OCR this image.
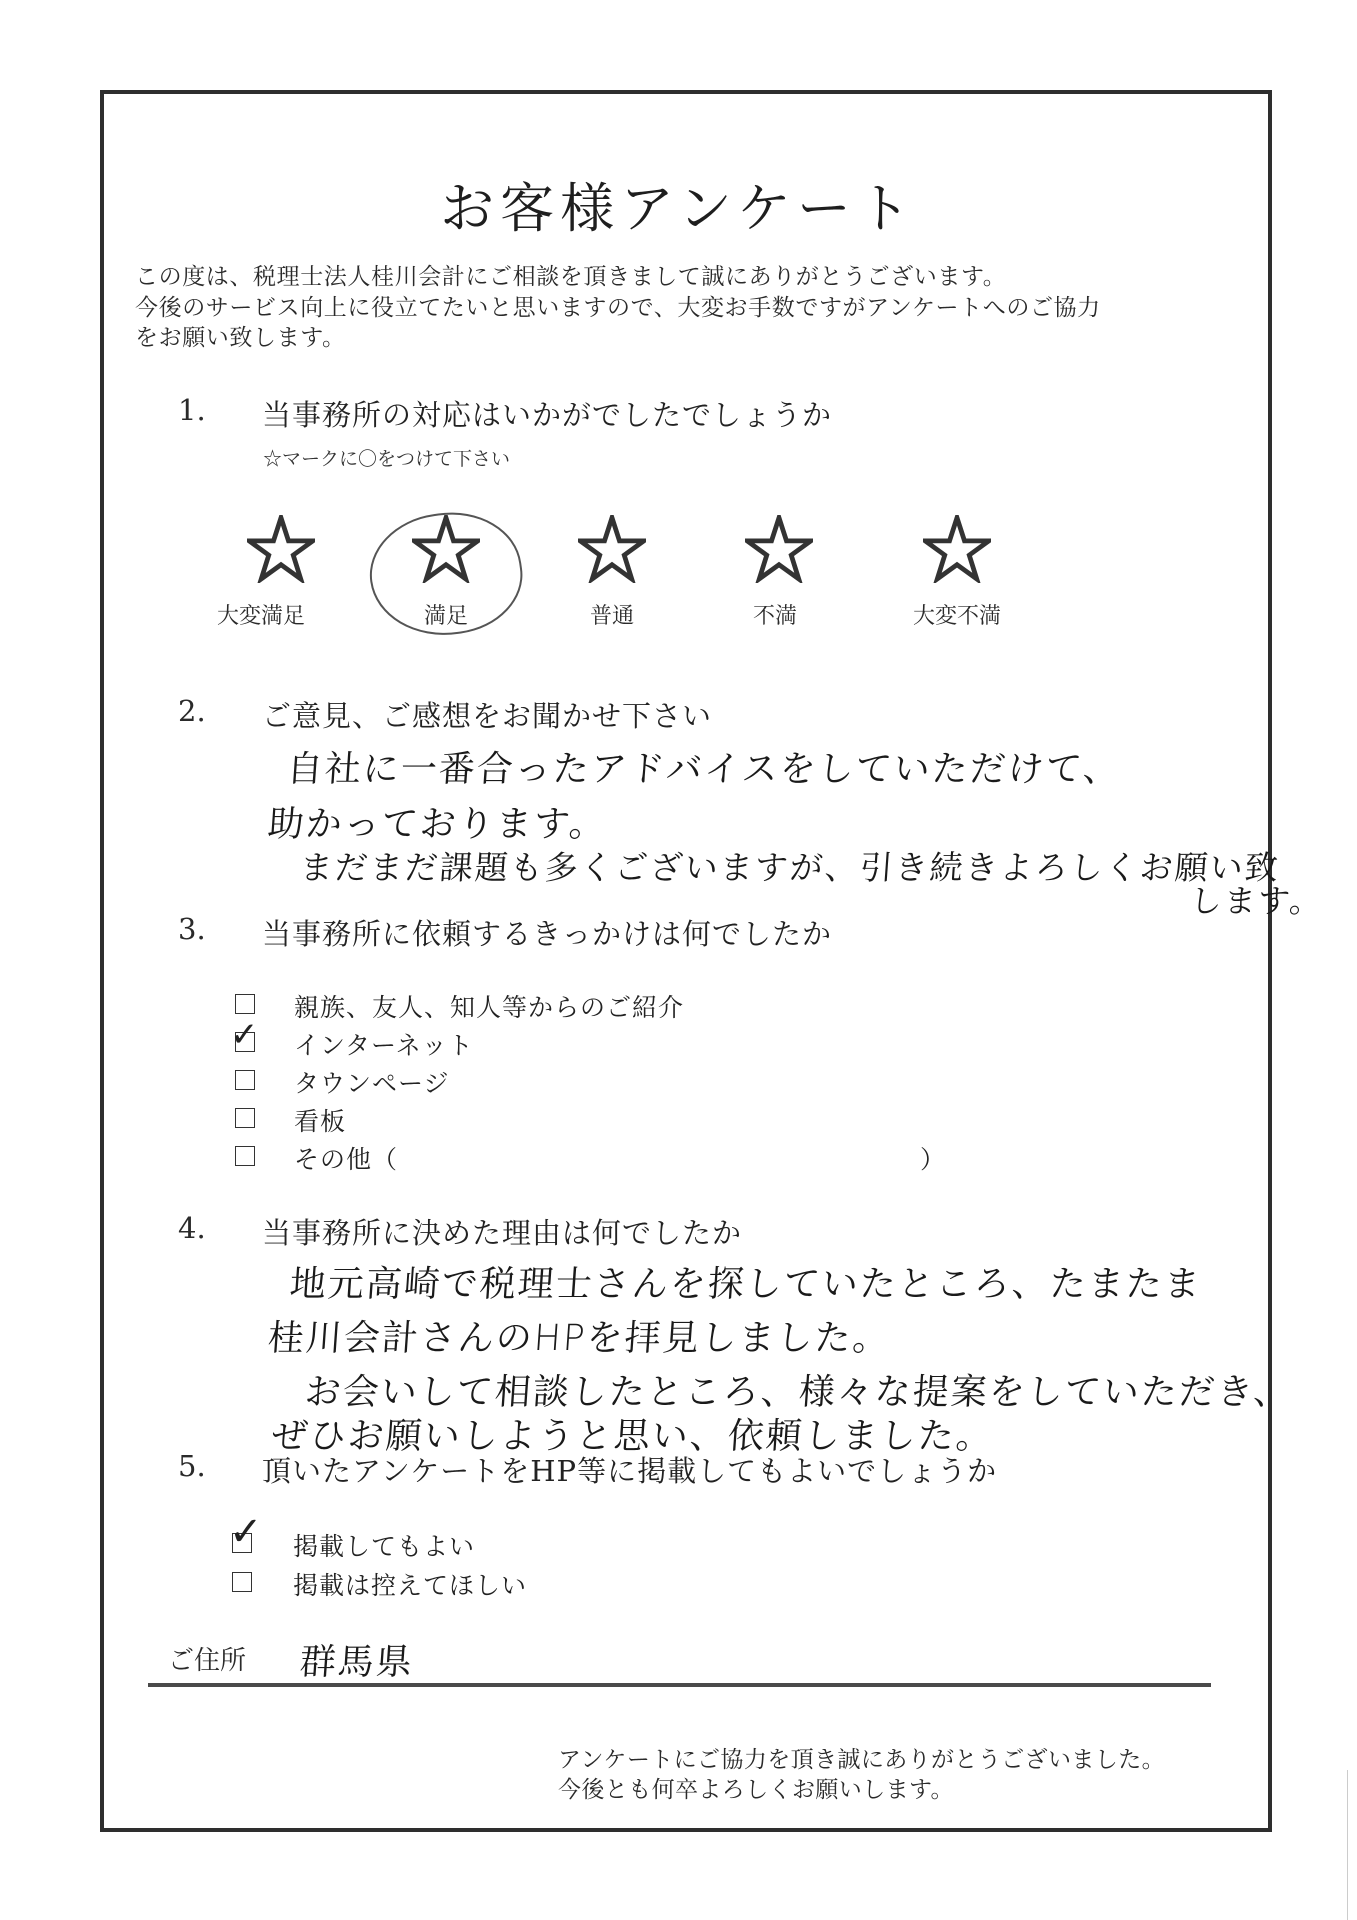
お客様アンケート
この度は、税理士法人桂川会計にご相談を頂きまして誠にありがとうございます。
今後のサービス向上に役立てたいと思いますので、大変お手数ですがアンケートへのご協力
をお願い致します。
1. 当事務所の対応はいかがでしたでしょうか
☆マークに〇をつけて下さい
大変満足	満足	普通	不満	大変不満
2. ご意見、ご感想をお聞かせ下さい
自社に一番合ったアドバイスをしていただけて、
助かっております。
まだまだ課題も多くございますが、引き続きよろしくお願い致
します。
3. 当事務所に依頼するきっかけは何でしたか
親族、友人、知人等からのご紹介
✓ インターネット
タウンページ
看板
その他（	）
4. 当事務所に決めた理由は何でしたか
地元高崎で税理士さんを探していたところ、たまたま
桂川会計さんのHPを拝見しました。
お会いして相談したところ、様々な提案をしていただき、
ぜひお願いしようと思い、依頼しました。
5. 頂いたアンケートをHP等に掲載してもよいでしょうか
✓ 掲載してもよい
掲載は控えてほしい
ご住所 群馬県
アンケートにご協力を頂き誠にありがとうございました。
今後とも何卒よろしくお願いします。
